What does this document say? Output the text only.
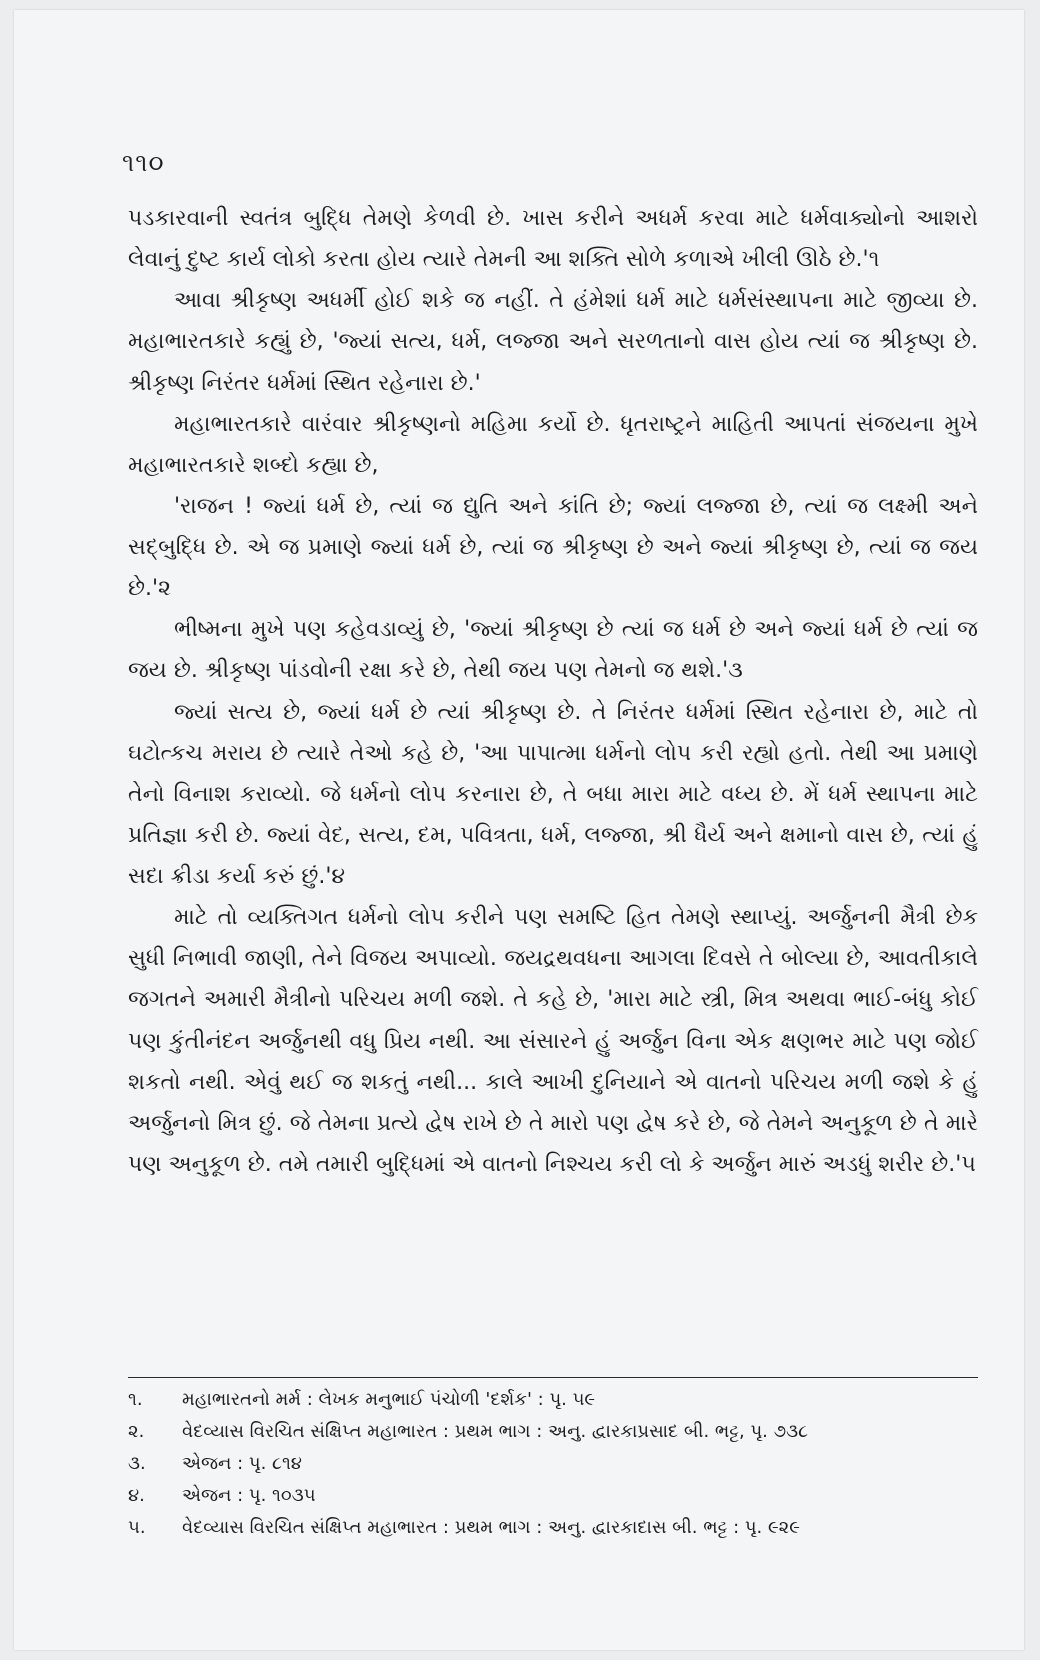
૧૧૦

પડકારવાની સ્વતંત્ર બુદ્ધિ તેમણે કેળવી છે. ખાસ કરીને અધર્મ કરવા માટે ધર્મવાક્યોનો આશરો લેવાનું દુષ્ટ કાર્ય લોકો કરતા હોય ત્યારે તેમની આ શક્તિ સોળે કળાએ ખીલી ઊઠે છે.'૧

આવા શ્રીકૃષ્ણ અધર્મી હોઈ શકે જ નહીં. તે હંમેશાં ધર્મ માટે ધર્મસંસ્થાપના માટે જીવ્યા છે. મહાભારતકારે કહ્યું છે, 'જ્યાં સત્ય, ધર્મ, લજ્જા અને સરળતાનો વાસ હોય ત્યાં જ શ્રીકૃષ્ણ છે. શ્રીકૃષ્ણ નિરંતર ધર્મમાં સ્થિત રહેનારા છે.'

મહાભારતકારે વારંવાર શ્રીકૃષ્ણનો મહિમા કર્યો છે. ધૃતરાષ્ટ્રને માહિતી આપતાં સંજયના મુખે મહાભારતકારે શબ્દો કહ્યા છે,

'રાજન ! જ્યાં ધર્મ છે, ત્યાં જ દ્યુતિ અને કાંતિ છે; જ્યાં લજ્જા છે, ત્યાં જ લક્ષ્મી અને સદ્બુદ્ધિ છે. એ જ પ્રમાણે જ્યાં ધર્મ છે, ત્યાં જ શ્રીકૃષ્ણ છે અને જ્યાં શ્રીકૃષ્ણ છે, ત્યાં જ જય છે.'૨

ભીષ્મના મુખે પણ કહેવડાવ્યું છે, 'જ્યાં શ્રીકૃષ્ણ છે ત્યાં જ ધર્મ છે અને જ્યાં ધર્મ છે ત્યાં જ જય છે. શ્રીકૃષ્ણ પાંડવોની રક્ષા કરે છે, તેથી જય પણ તેમનો જ થશે.'૩

જ્યાં સત્ય છે, જ્યાં ધર્મ છે ત્યાં શ્રીકૃષ્ણ છે. તે નિરંતર ધર્મમાં સ્થિત રહેનારા છે, માટે તો ઘટોત્કચ મરાય છે ત્યારે તેઓ કહે છે, 'આ પાપાત્મા ધર્મનો લોપ કરી રહ્યો હતો. તેથી આ પ્રમાણે તેનો વિનાશ કરાવ્યો. જે ધર્મનો લોપ કરનારા છે, તે બધા મારા માટે વધ્ય છે. મેં ધર્મ સ્થાપના માટે પ્રતિજ્ઞા કરી છે. જ્યાં વેદ, સત્ય, દમ, પવિત્રતા, ધર્મ, લજ્જા, શ્રી ધૈર્ય અને ક્ષમાનો વાસ છે, ત્યાં હું સદા ક્રીડા કર્યા કરું છું.'૪

માટે તો વ્યક્તિગત ધર્મનો લોપ કરીને પણ સમષ્ટિ હિત તેમણે સ્થાપ્યું. અર્જુનની મૈત્રી છેક સુધી નિભાવી જાણી, તેને વિજય અપાવ્યો. જયદ્રથવધના આગલા દિવસે તે બોલ્યા છે, આવતીકાલે જગતને અમારી મૈત્રીનો પરિચય મળી જશે. તે કહે છે, 'મારા માટે સ્ત્રી, મિત્ર અથવા ભાઈ-બંધુ કોઈ પણ કુંતીનંદન અર્જુનથી વધુ પ્રિય નથી. આ સંસારને હું અર્જુન વિના એક ક્ષણભર માટે પણ જોઈ શકતો નથી. એવું થઈ જ શકતું નથી... કાલે આખી દુનિયાને એ વાતનો પરિચય મળી જશે કે હું અર્જુનનો મિત્ર છું. જે તેમના પ્રત્યે દ્વેષ રાખે છે તે મારો પણ દ્વેષ કરે છે, જે તેમને અનુકૂળ છે તે મારે પણ અનુકૂળ છે. તમે તમારી બુદ્ધિમાં એ વાતનો નિશ્ચય કરી લો કે અર્જુન મારું અડધું શરીર છે.'૫

૧.	મહાભારતનો મર્મ : લેખક મનુભાઈ પંચોળી 'દર્શક' : પૃ. ૫૯
૨.	વેદવ્યાસ વિરચિત સંક્ષિપ્ત મહાભારત : પ્રથમ ભાગ : અનુ. દ્વારકાપ્રસાદ બી. ભટ્ટ, પૃ. ૭૩૮
૩.	એજન : પૃ. ૮૧૪
૪.	એજન : પૃ. ૧૦૩૫
૫.	વેદવ્યાસ વિરચિત સંક્ષિપ્ત મહાભારત : પ્રથમ ભાગ : અનુ. દ્વારકાદાસ બી. ભટ્ટ : પૃ. ૯૨૯
